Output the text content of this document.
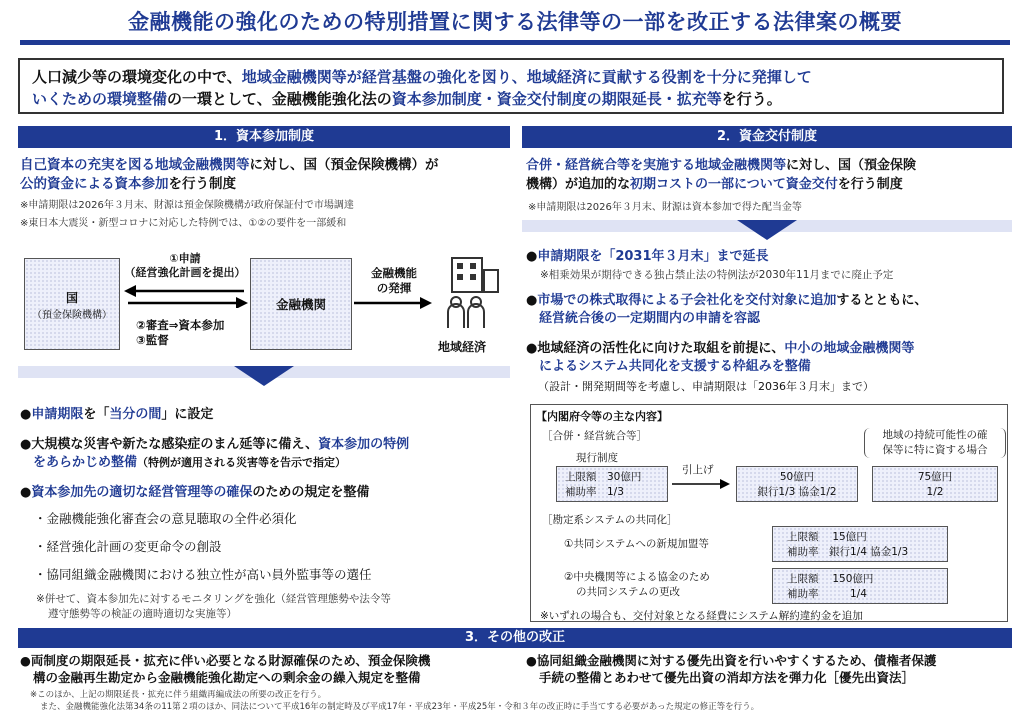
金融機能の強化のための特別措置に関する法律等の一部を改正する法律案の概要
人口減少等の環境変化の中で、地域金融機関等が経営基盤の強化を図り、地域経済に貢献する役割を十分に発揮して
いくための環境整備の一環として、金融機能強化法の資本参加制度・資金交付制度の期限延長・拡充等を行う。
1．資本参加制度
自己資本の充実を図る地域金融機関等に対し、国（預金保険機構）が
公的資金による資本参加を行う制度
※申請期限は2026年３月末、財源は預金保険機構が政府保証付で市場調達
※東日本大震災・新型コロナに対応した特例では、①②の要件を一部緩和
国
（預金保険機構）
①申請
（経営強化計画を提出）
②審査⇒資本参加
③監督
金融機関
金融機能
の発揮
地域経済
●申請期限を「当分の間」に設定
●大規模な災害や新たな感染症のまん延等に備え、資本参加の特例
をあらかじめ整備（特例が適用される災害等を告示で指定）
●資本参加先の適切な経営管理等の確保のための規定を整備
・金融機能強化審査会の意見聴取の全件必須化
・経営強化計画の変更命令の創設
・協同組織金融機関における独立性が高い員外監事等の選任
※併せて、資本参加先に対するモニタリングを強化（経営管理態勢や法令等
遵守態勢等の検証の適時適切な実施等）
2．資金交付制度
合併・経営統合等を実施する地域金融機関等に対し、国（預金保険
機構）が追加的な初期コストの一部について資金交付を行う制度
※申請期限は2026年３月末、財源は資本参加で得た配当金等
●申請期限を「2031年３月末」まで延長
※相乗効果が期待できる独占禁止法の特例法が2030年11月までに廃止予定
●市場での株式取得による子会社化を交付対象に追加するとともに、
経営統合後の一定期間内の申請を容認
●地域経済の活性化に向けた取組を前提に、中小の地域金融機関等
によるシステム共同化を支援する枠組みを整備
（設計・開発期間等を考慮し、申請期限は「2036年３月末」まで）
【内閣府令等の主な内容】
［合併・経営統合等］
現行制度
上限額　30億円
補助率　1/3
引上げ
50億円
銀行1/3 協金1/2
地域の持続可能性の確
保等に特に資する場合
75億円
1/2
［勘定系システムの共同化］
①共同システムへの新規加盟等
上限額　 15億円
補助率　銀行1/4 協金1/3
②中央機関等による協金のため
の共同システムの更改
上限額　 150億円
補助率　　　1/4
※いずれの場合も、交付対象となる経費にシステム解約違約金を追加
3．その他の改正
●両制度の期限延長・拡充に伴い必要となる財源確保のため、預金保険機
構の金融再生勘定から金融機能強化勘定への剰余金の繰入規定を整備
●協同組織金融機関に対する優先出資を行いやすくするため、債権者保護
手続の整備とあわせて優先出資の消却方法を弾力化［優先出資法］
※このほか、上記の期限延長・拡充に伴う組織再編成法の所要の改正を行う。
また、金融機能強化法第34条の11第２項のほか、同法について平成16年の制定時及び平成17年・平成23年・平成25年・令和３年の改正時に手当てする必要があった規定の修正等を行う。
